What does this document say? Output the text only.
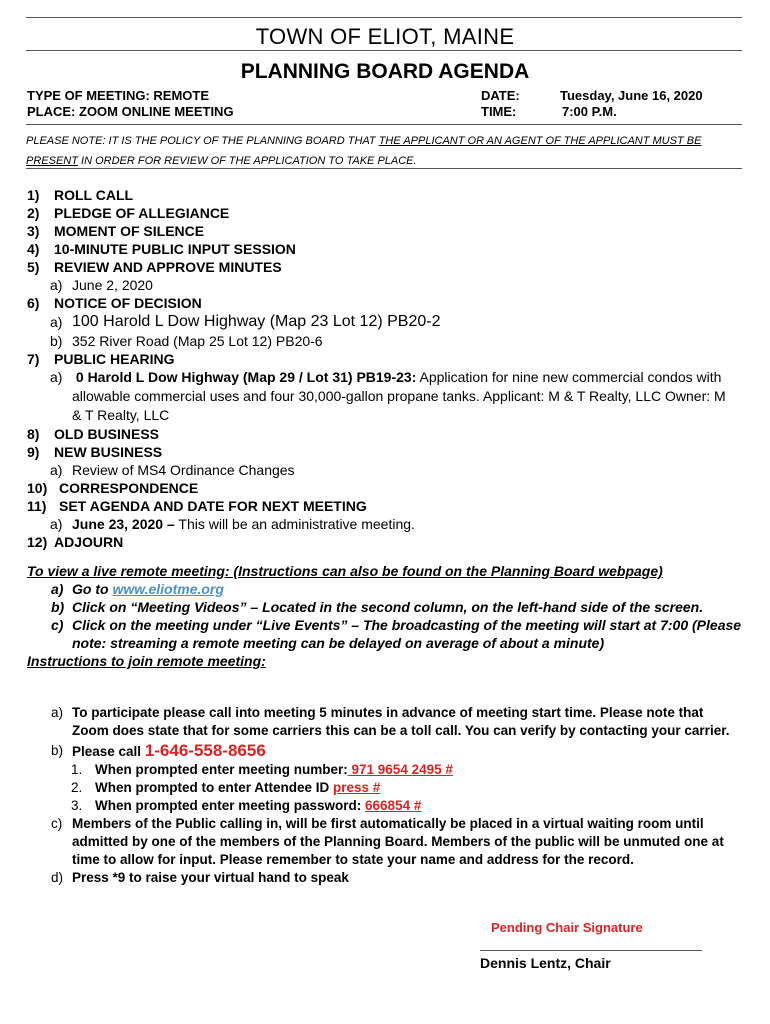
TOWN OF ELIOT, MAINE
PLANNING BOARD AGENDA
TYPE OF MEETING: REMOTE
PLACE: ZOOM ONLINE MEETING
DATE:
TIME:
Tuesday, June 16, 2020
7:00 P.M.
PLEASE NOTE: IT IS THE POLICY OF THE PLANNING BOARD THAT THE APPLICANT OR AN AGENT OF THE APPLICANT MUST BE PRESENT IN ORDER FOR REVIEW OF THE APPLICATION TO TAKE PLACE.
1) ROLL CALL
2) PLEDGE OF ALLEGIANCE
3) MOMENT OF SILENCE
4) 10-MINUTE PUBLIC INPUT SESSION
5) REVIEW AND APPROVE MINUTES
a) June 2, 2020
6) NOTICE OF DECISION
a) 100 Harold L Dow Highway (Map 23 Lot 12) PB20-2
b) 352 River Road (Map 25 Lot 12) PB20-6
7) PUBLIC HEARING
a) 0 Harold L Dow Highway (Map 29 / Lot 31) PB19-23: Application for nine new commercial condos with allowable commercial uses and four 30,000-gallon propane tanks. Applicant: M & T Realty, LLC Owner: M & T Realty, LLC
8) OLD BUSINESS
9) NEW BUSINESS
a) Review of MS4 Ordinance Changes
10) CORRESPONDENCE
11) SET AGENDA AND DATE FOR NEXT MEETING
a) June 23, 2020 – This will be an administrative meeting.
12) ADJOURN
To view a live remote meeting: (Instructions can also be found on the Planning Board webpage)
a) Go to www.eliotme.org
b) Click on “Meeting Videos” – Located in the second column, on the left-hand side of the screen.
c) Click on the meeting under “Live Events” – The broadcasting of the meeting will start at 7:00 (Please note: streaming a remote meeting can be delayed on average of about a minute)
Instructions to join remote meeting:
a) To participate please call into meeting 5 minutes in advance of meeting start time. Please note that Zoom does state that for some carriers this can be a toll call. You can verify by contacting your carrier.
b) Please call 1-646-558-8656
1. When prompted enter meeting number: 971 9654 2495 #
2. When prompted to enter Attendee ID press #
3. When prompted enter meeting password: 666854 #
c) Members of the Public calling in, will be first automatically be placed in a virtual waiting room until admitted by one of the members of the Planning Board. Members of the public will be unmuted one at time to allow for input. Please remember to state your name and address for the record.
d) Press *9 to raise your virtual hand to speak
Pending Chair Signature
Dennis Lentz, Chair
